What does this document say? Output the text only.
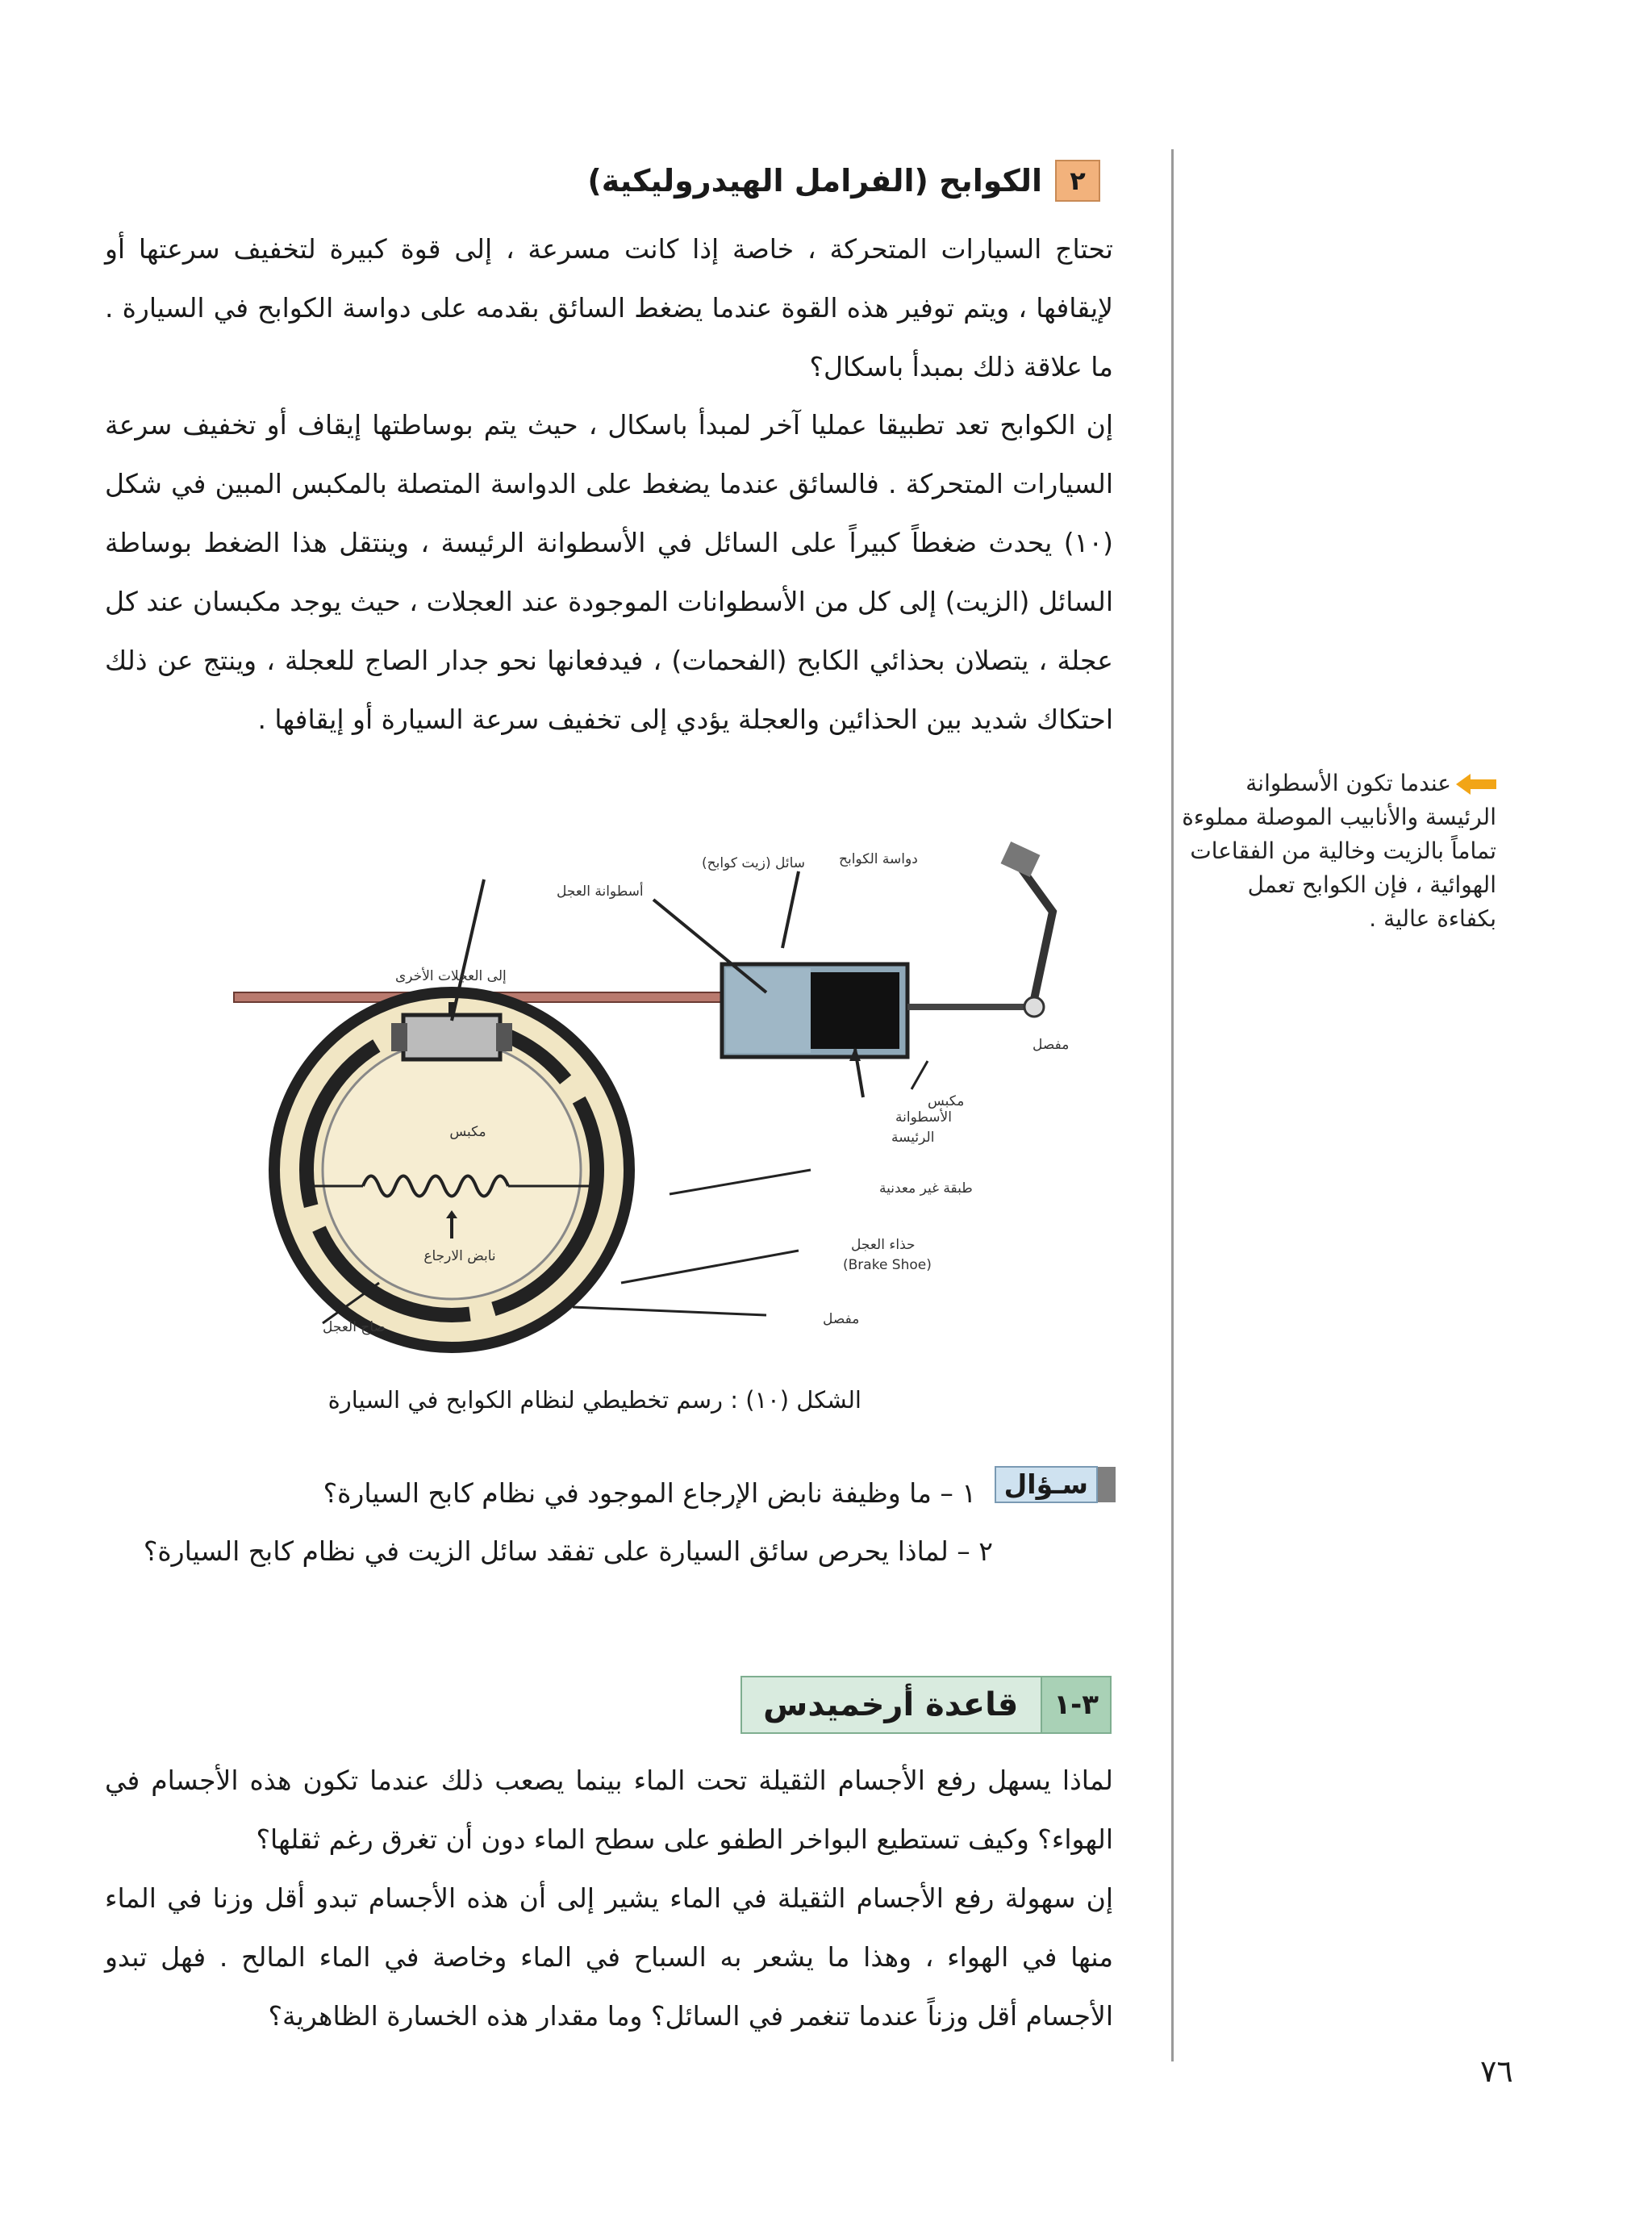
٢
الكوابح (الفرامل الهيدروليكية)

تحتاج السيارات المتحركة ، خاصة إذا كانت مسرعة ، إلى قوة كبيرة لتخفيف سرعتها أو لإيقافها ، ويتم توفير هذه القوة عندما يضغط السائق بقدمه على دواسة الكوابح في السيارة . ما علاقة ذلك بمبدأ باسكال؟

إن الكوابح تعد تطبيقا عمليا آخر لمبدأ باسكال ، حيث يتم بوساطتها إيقاف أو تخفيف سرعة السيارات المتحركة . فالسائق عندما يضغط على الدواسة المتصلة بالمكبس المبين في شكل (١٠) يحدث ضغطاً كبيراً على السائل في الأسطوانة الرئيسة ، وينتقل هذا الضغط بوساطة السائل (الزيت) إلى كل من الأسطوانات الموجودة عند العجلات ، حيث يوجد مكبسان عند كل عجلة ، يتصلان بحذائي الكابح (الفحمات) ، فيدفعانها نحو جدار الصاج للعجلة ، وينتج عن ذلك احتكاك شديد بين الحذائين والعجلة يؤدي إلى تخفيف سرعة السيارة أو إيقافها .

عندما تكون الأسطوانة الرئيسة والأنابيب الموصلة مملوءة تماماً بالزيت وخالية من الفقاعات الهوائية ، فإن الكوابح تعمل بكفاءة عالية .
دواسة الكوابح
سائل (زيت كوابح)
أسطوانة العجل
إلى العجلات الأخرى
مكبس
مفصل
الأسطوانة
الرئيسة
مكبس
طبقة غير معدنية
نابض الارجاع
حذاء العجل
(Brake Shoe)
صاج العجل	مفصل
الشكل (١٠) : رسم تخطيطي لنظام الكوابح في السيارة
سـؤال
١ – ما وظيفة نابض الإرجاع الموجود في نظام كابح السيارة؟
٢ – لماذا يحرص سائق السيارة على تفقد سائل الزيت في نظام كابح السيارة؟
٣-١
قاعدة أرخميدس

لماذا يسهل رفع الأجسام الثقيلة تحت الماء بينما يصعب ذلك عندما تكون هذه الأجسام في الهواء؟ وكيف تستطيع البواخر الطفو على سطح الماء دون أن تغرق رغم ثقلها؟

إن سهولة رفع الأجسام الثقيلة في الماء يشير إلى أن هذه الأجسام تبدو أقل وزنا في الماء منها في الهواء ، وهذا ما يشعر به السباح في الماء وخاصة في الماء المالح . فهل تبدو الأجسام أقل وزناً عندما تنغمر في السائل؟ وما مقدار هذه الخسارة الظاهرية؟

٧٦
